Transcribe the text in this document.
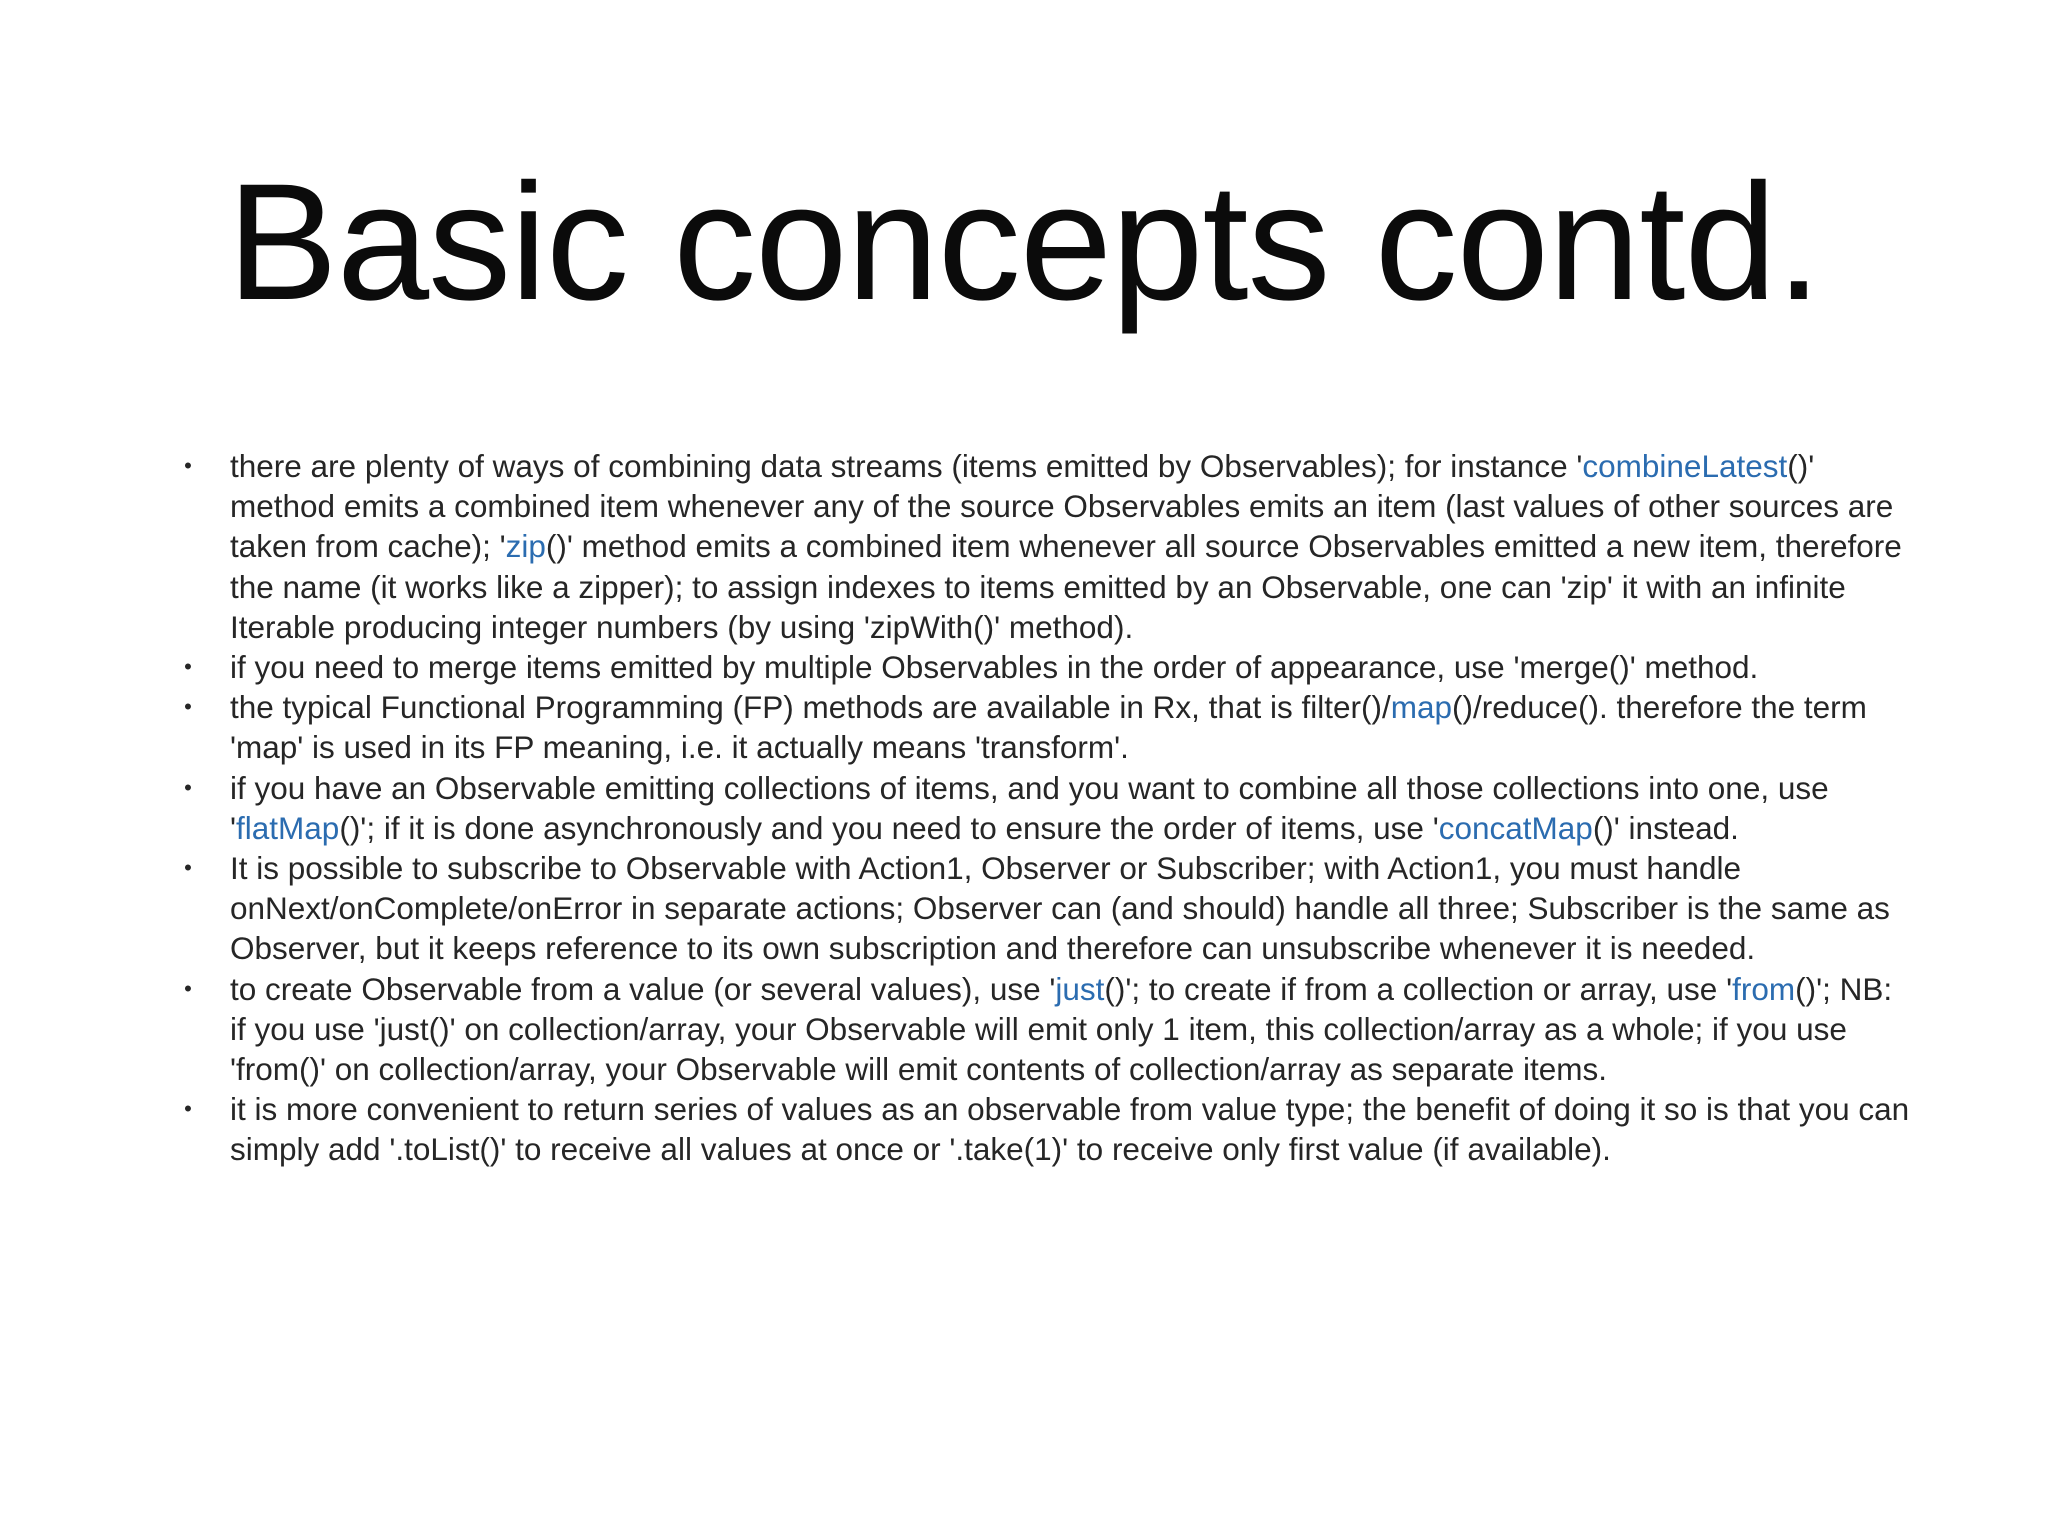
Basic concepts contd.
• there are plenty of ways of combining data streams (items emitted by Observables); for instance 'combineLatest()' method emits a combined item whenever any of the source Observables emits an item (last values of other sources are taken from cache); 'zip()' method emits a combined item whenever all source Observables emitted a new item, therefore the name (it works like a zipper); to assign indexes to items emitted by an Observable, one can 'zip' it with an infinite Iterable producing integer numbers (by using 'zipWith()' method).
• if you need to merge items emitted by multiple Observables in the order of appearance, use 'merge()' method.
• the typical Functional Programming (FP) methods are available in Rx, that is filter()/map()/reduce(). therefore the term 'map' is used in its FP meaning, i.e. it actually means 'transform'.
• if you have an Observable emitting collections of items, and you want to combine all those collections into one, use 'flatMap()'; if it is done asynchronously and you need to ensure the order of items, use 'concatMap()' instead.
• It is possible to subscribe to Observable with Action1, Observer or Subscriber; with Action1, you must handle onNext/onComplete/onError in separate actions; Observer can (and should) handle all three; Subscriber is the same as Observer, but it keeps reference to its own subscription and therefore can unsubscribe whenever it is needed.
• to create Observable from a value (or several values), use 'just()'; to create if from a collection or array, use 'from()'; NB: if you use 'just()' on collection/array, your Observable will emit only 1 item, this collection/array as a whole; if you use 'from()' on collection/array, your Observable will emit contents of collection/array as separate items.
• it is more convenient to return series of values as an observable from value type; the benefit of doing it so is that you can simply add '.toList()' to receive all values at once or '.take(1)' to receive only first value (if available).
